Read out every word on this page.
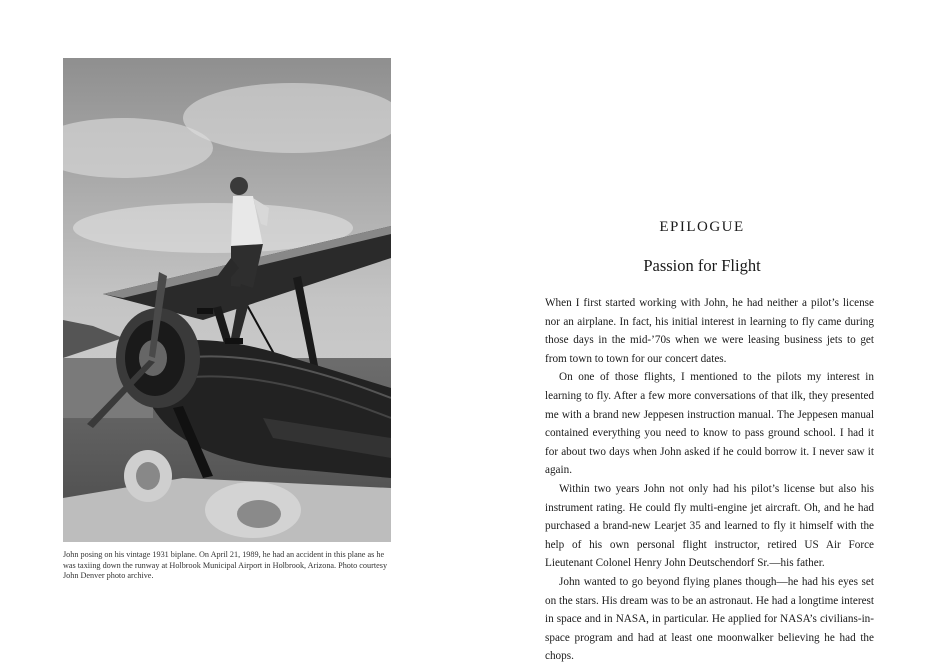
John posing on his vintage 1931 biplane. On April 21, 1989, he had an accident in this plane as he was taxiing down the runway at Holbrook Municipal Airport in Holbrook, Arizona. Photo courtesy John Denver photo archive.
EPILOGUE
Passion for Flight

When I first started working with John, he had neither a pilot’s license nor an airplane. In fact, his initial interest in learning to fly came during those days in the mid-’70s when we were leasing business jets to get from town to town for our concert dates.

On one of those flights, I mentioned to the pilots my interest in learning to fly. After a few more conversations of that ilk, they presented me with a brand new Jeppesen instruction manual. The Jeppesen manual contained everything you need to know to pass ground school. I had it for about two days when John asked if he could borrow it. I never saw it again.

Within two years John not only had his pilot’s license but also his instrument rating. He could fly multi-engine jet aircraft. Oh, and he had purchased a brand-new Learjet 35 and learned to fly it himself with the help of his own personal flight instructor, retired US Air Force Lieutenant Colonel Henry John Deutschendorf Sr.—his father.

John wanted to go beyond flying planes though—he had his eyes set on the stars. His dream was to be an astronaut. He had a longtime interest in space and in NASA, in particular. He applied for NASA’s civilians-in-space program and had at least one moonwalker believing he had the chops.
